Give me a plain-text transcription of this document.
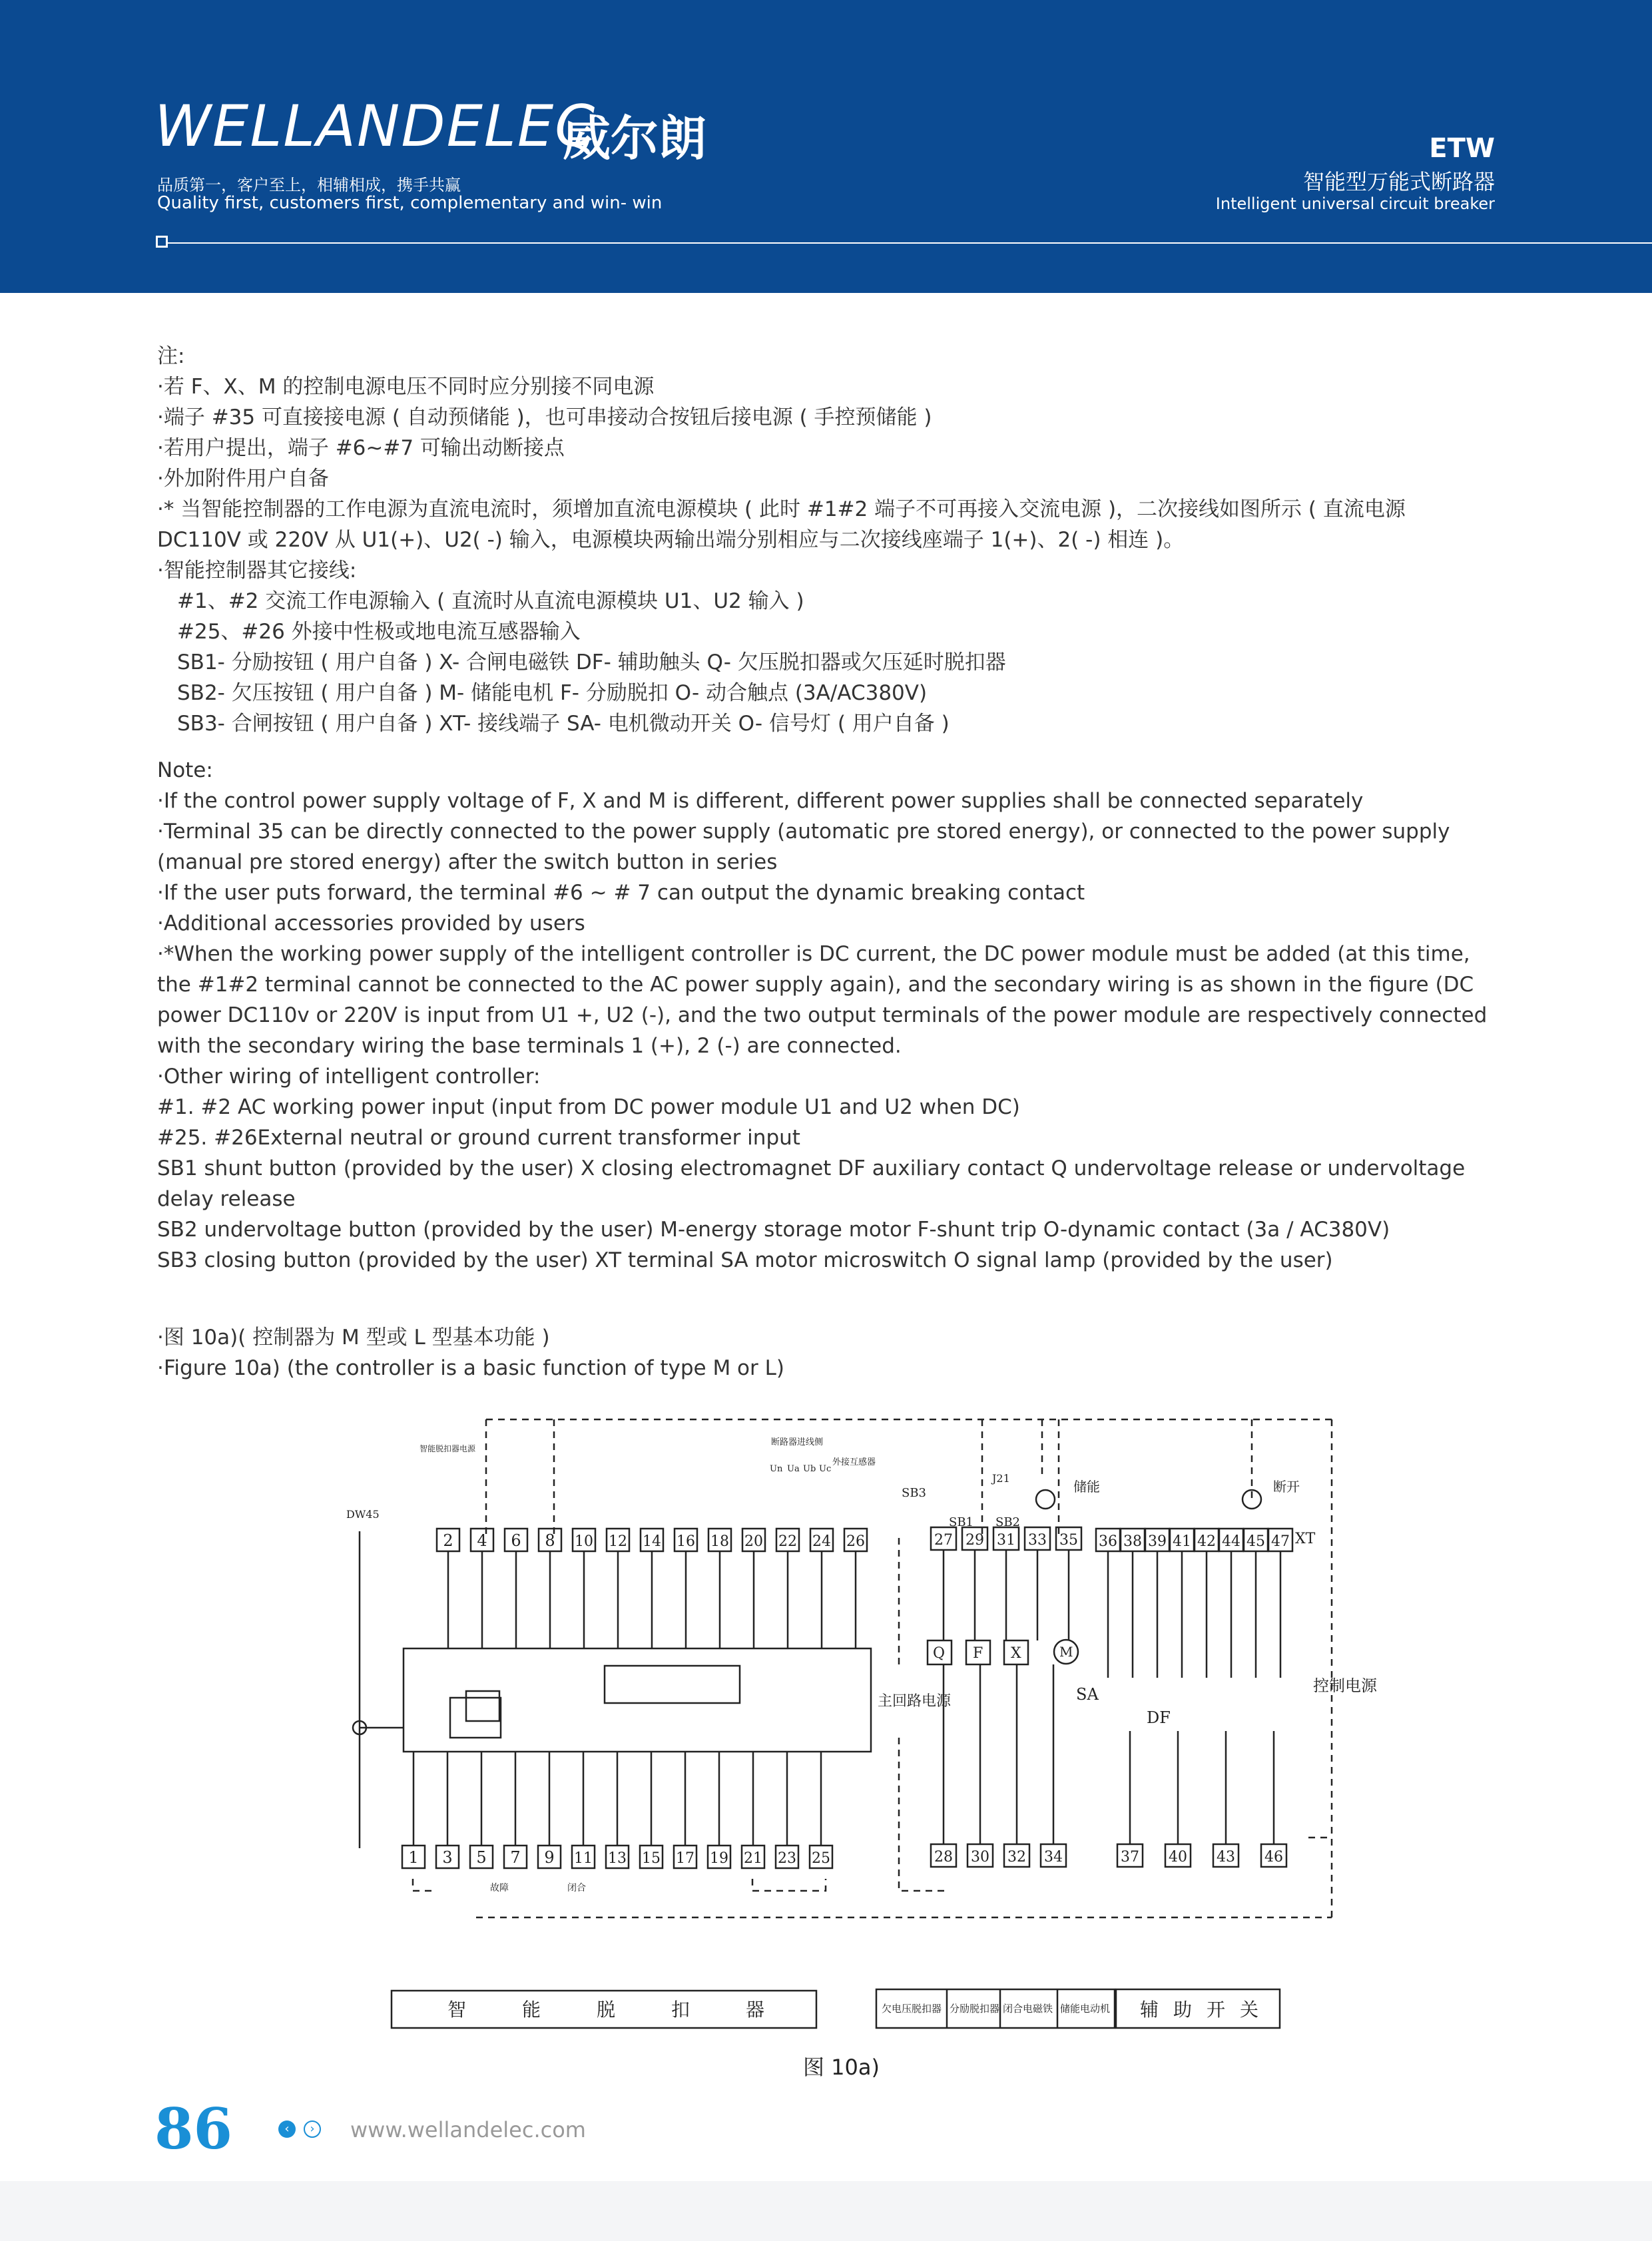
WELLANDELEC
威尔朗
品质第一，客户至上，相辅相成，携手共赢
Quality first, customers first, complementary and win- win
ETW
智能型万能式断路器
Intelligent universal circuit breaker

注:

·若 F、X、M 的控制电源电压不同时应分别接不同电源

·端子 #35 可直接接电源 ( 自动预储能 )，也可串接动合按钮后接电源 ( 手控预储能 )

·若用户提出，端子 #6~#7 可输出动断接点

·外加附件用户自备

·* 当智能控制器的工作电源为直流电流时，须增加直流电源模块 ( 此时 #1#2 端子不可再接入交流电源 )，二次接线如图所示 ( 直流电源 DC110V 或 220V 从 U1(+)、U2( -) 输入，电源模块两输出端分别相应与二次接线座端子 1(+)、2( -) 相连 )。

·智能控制器其它接线:

#1、#2 交流工作电源输入 ( 直流时从直流电源模块 U1、U2 输入 )

#25、#26 外接中性极或地电流互感器输入

SB1- 分励按钮 ( 用户自备 ) X- 合闸电磁铁 DF- 辅助触头 Q- 欠压脱扣器或欠压延时脱扣器

SB2- 欠压按钮 ( 用户自备 ) M- 储能电机 F- 分励脱扣 O- 动合触点 (3A/AC380V)

SB3- 合闸按钮 ( 用户自备 ) XT- 接线端子 SA- 电机微动开关 O- 信号灯 ( 用户自备 )

Note:

·If the control power supply voltage of F, X and M is different, different power supplies shall be connected separately

·Terminal 35 can be directly connected to the power supply (automatic pre stored energy), or connected to the power supply (manual pre stored energy) after the switch button in series

·If the user puts forward, the terminal #6 ~ # 7 can output the dynamic breaking contact

·Additional accessories provided by users

·*When the working power supply of the intelligent controller is DC current, the DC power module must be added (at this time, the #1#2 terminal cannot be connected to the AC power supply again), and the secondary wiring is as shown in the figure (DC power DC110v or 220V is input from U1 +, U2 (-), and the two output terminals of the power module are respectively connected with the secondary wiring the base terminals 1 (+), 2 (-) are connected.

·Other wiring of intelligent controller:

#1. #2 AC working power input (input from DC power module U1 and U2 when DC)

#25. #26External neutral or ground current transformer input

SB1 shunt button (provided by the user) X closing electromagnet DF auxiliary contact Q undervoltage release or undervoltage delay release

SB2 undervoltage button (provided by the user) M-energy storage motor F-shunt trip O-dynamic contact (3a / AC380V)

SB3 closing button (provided by the user) XT terminal SA motor microswitch O signal lamp (provided by the user)

·图 10a)( 控制器为 M 型或 L 型基本功能 )

·Figure 10a) (the controller is a basic function of type M or L)

DW45
智能脱扣器电源
断路器进线侧
外接互感器
Un Ua Ub Uc
2 4 6 8 10 12 14 16 18 20 22 24 26	27 29 31 33 35 36 38 39 41 42 44 45 47
1 3 5 7 9 11 13 15 17 19 21 23 25	28 30 32 34	37 40 43 46
XT
Q F X	M
SA
DF
SB3
SB1 SB2
J21
储能	断开
故障	闭合
主回路电源
控制电源
智	能	脱	扣	器	欠电压脱扣器 分励脱扣器 闭合电磁铁 储能电动机 辅 助 开 关
图 10a)
86	‹	› www.wellandelec.com
